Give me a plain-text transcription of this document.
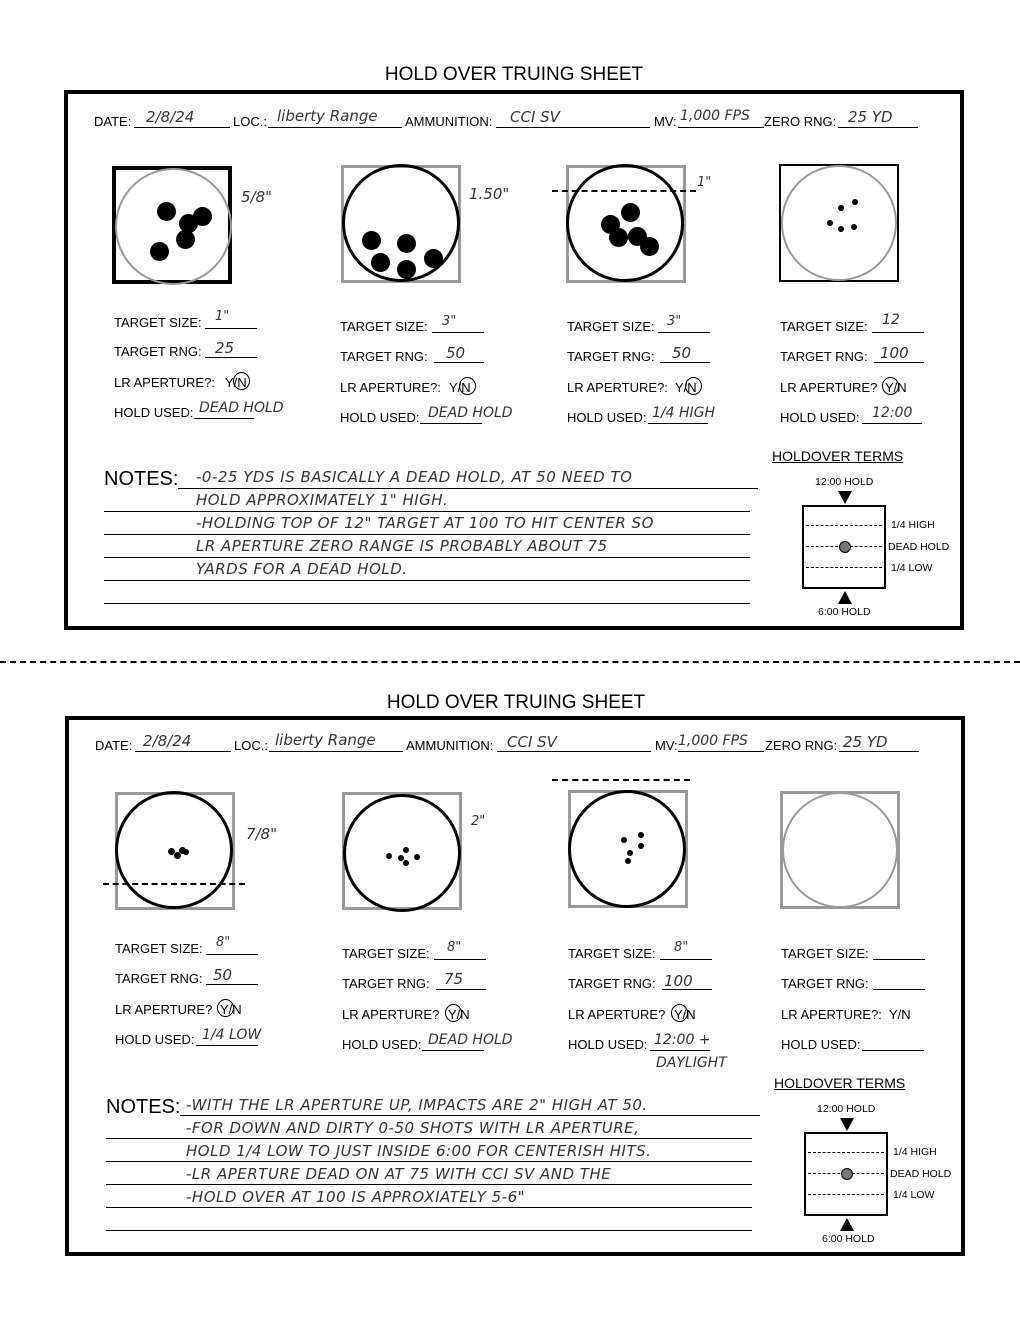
HOLD OVER TRUING SHEET
DATE: 2/8/24	LOC.: liberty Range AMMUNITION: CCI SV	MV: 1,000 FPS ZERO RNG: 25 YD
5/8"	1.50"
1"
TARGET SIZE: 1"
TARGET RNG: 25
LR APERTURE?: Y/N
HOLD USED: DEAD HOLD
TARGET SIZE: 3"
TARGET RNG: 50
LR APERTURE?: Y/N
HOLD USED: DEAD HOLD
TARGET SIZE: 3"
TARGET RNG: 50
LR APERTURE?: Y/N
HOLD USED: 1/4 HIGH
TARGET SIZE: 12
TARGET RNG: 100
LR APERTURE? Y/N
HOLD USED: 12:00
NOTES: -0-25 YDS IS BASICALLY A DEAD HOLD, AT 50 NEED TO
HOLD APPROXIMATELY 1" HIGH.
-HOLDING TOP OF 12" TARGET AT 100 TO HIT CENTER SO
LR APERTURE ZERO RANGE IS PROBABLY ABOUT 75
YARDS FOR A DEAD HOLD.
HOLDOVER TERMS
12:00 HOLD
1/4 HIGH
DEAD HOLD
1/4 LOW
6:00 HOLD
HOLD OVER TRUING SHEET
DATE: 2/8/24	LOC.: liberty Range AMMUNITION: CCI SV	MV: 1,000 FPS ZERO RNG: 25 YD
7/8"
2"
TARGET SIZE: 8"
TARGET RNG: 50
LR APERTURE? Y/N
HOLD USED: 1/4 LOW
TARGET SIZE: 8"
TARGET RNG: 75
LR APERTURE? Y/N
HOLD USED: DEAD HOLD
TARGET SIZE: 8"
TARGET RNG: 100
LR APERTURE? Y/N
HOLD USED: 12:00 +
DAYLIGHT
TARGET SIZE:
TARGET RNG:
LR APERTURE?: Y/N
HOLD USED:
NOTES: -WITH THE LR APERTURE UP, IMPACTS ARE 2" HIGH AT 50.
-FOR DOWN AND DIRTY 0-50 SHOTS WITH LR APERTURE,
HOLD 1/4 LOW TO JUST INSIDE 6:00 FOR CENTERISH HITS.
-LR APERTURE DEAD ON AT 75 WITH CCI SV AND THE
-HOLD OVER AT 100 IS APPROXIATELY 5-6"
HOLDOVER TERMS
12:00 HOLD
1/4 HIGH
DEAD HOLD
1/4 LOW
6:00 HOLD
